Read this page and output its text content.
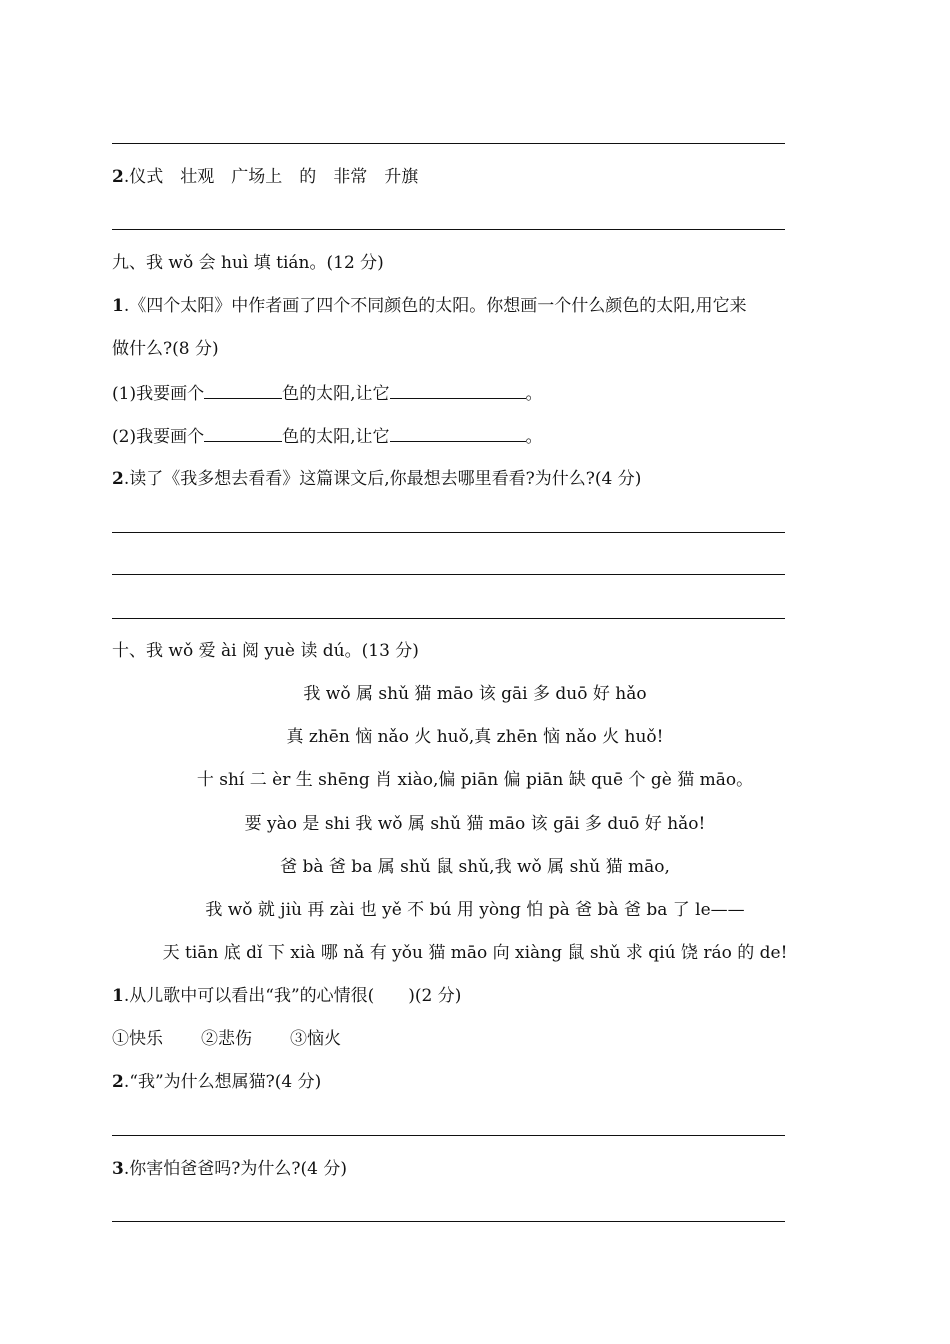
2.仪式　壮观　广场上　的　非常　升旗
九、我 wǒ 会 huì 填 tián。(12 分)
1.《四个太阳》中作者画了四个不同颜色的太阳。你想画一个什么颜色的太阳,用它来
做什么?(8 分)
(1)我要画个	色的太阳,让它	。
(2)我要画个	色的太阳,让它	。
2.读了《我多想去看看》这篇课文后,你最想去哪里看看?为什么?(4 分)
十、我 wǒ 爱 ài 阅 yuè 读 dú。(13 分)
我 wǒ 属 shǔ 猫 māo 该 gāi 多 duō 好 hǎo
真 zhēn 恼 nǎo 火 huǒ,真 zhēn 恼 nǎo 火 huǒ!
十 shí 二 èr 生 shēng 肖 xiào,偏 piān 偏 piān 缺 quē 个 gè 猫 māo。
要 yào 是 shi 我 wǒ 属 shǔ 猫 māo 该 gāi 多 duō 好 hǎo!
爸 bà 爸 ba 属 shǔ 鼠 shǔ,我 wǒ 属 shǔ 猫 māo,
我 wǒ 就 jiù 再 zài 也 yě 不 bú 用 yòng 怕 pà 爸 bà 爸 ba 了 le——
天 tiān 底 dǐ 下 xià 哪 nǎ 有 yǒu 猫 māo 向 xiàng 鼠 shǔ 求 qiú 饶 ráo 的 de!
1.从儿歌中可以看出“我”的心情很(　　)(2 分)
①快乐 ②悲伤 ③恼火
2.“我”为什么想属猫?(4 分)
3.你害怕爸爸吗?为什么?(4 分)
